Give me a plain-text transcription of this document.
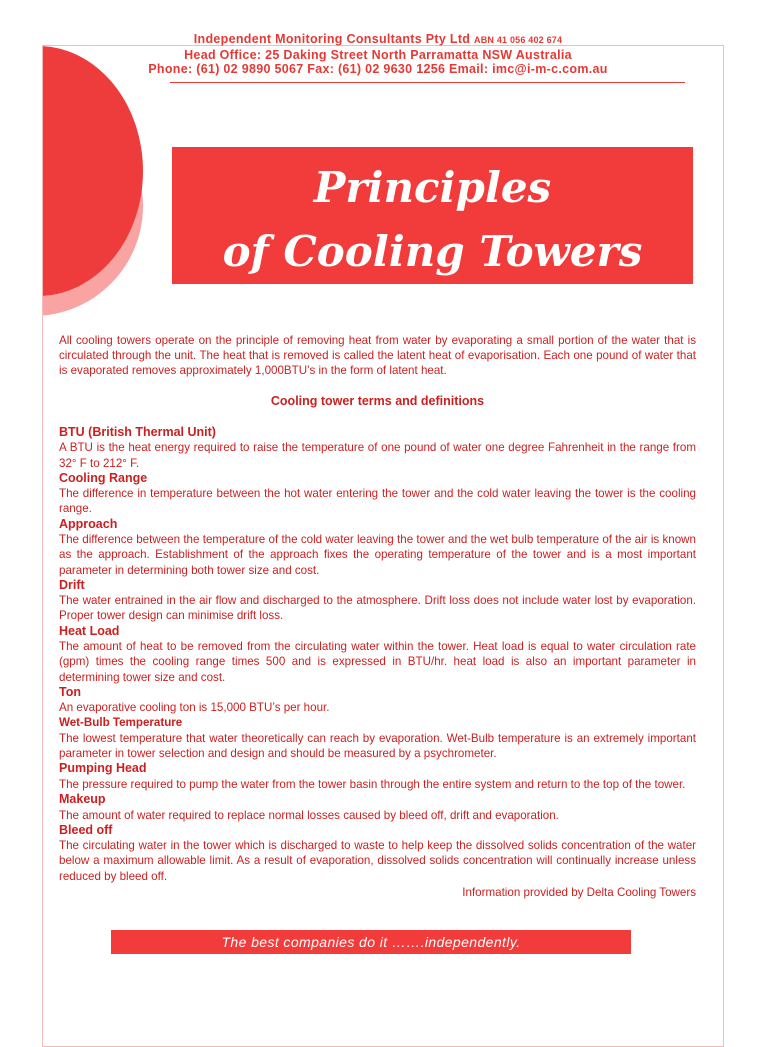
Independent Monitoring Consultants Pty Ltd ABN 41 056 402 674
Head Office: 25 Daking Street North Parramatta NSW Australia
Phone: (61) 02 9890 5067 Fax: (61) 02 9630 1256 Email: imc@i-m-c.com.au
Principles
of Cooling Towers

All cooling towers operate on the principle of removing heat from water by evaporating a small portion of the water that is circulated through the unit. The heat that is removed is called the latent heat of evaporisation. Each one pound of water that is evaporated removes approximately 1,000BTU’s in the form of latent heat.

Cooling tower terms and definitions
BTU (British Thermal Unit)

A BTU is the heat energy required to raise the temperature of one pound of water one degree Fahrenheit in the range from 32° F to 212° F.

Cooling Range

The difference in temperature between the hot water entering the tower and the cold water leaving the tower is the cooling range.

Approach

The difference between the temperature of the cold water leaving the tower and the wet bulb temperature of the air is known as the approach. Establishment of the approach fixes the operating temperature of the tower and is a most important parameter in determining both tower size and cost.

Drift

The water entrained in the air flow and discharged to the atmosphere. Drift loss does not include water lost by evaporation. Proper tower design can minimise drift loss.

Heat Load

The amount of heat to be removed from the circulating water within the tower. Heat load is equal to water circulation rate (gpm) times the cooling range times 500 and is expressed in BTU/hr. heat load is also an important parameter in determining tower size and cost.

Ton

An evaporative cooling ton is 15,000 BTU’s per hour.

Wet-Bulb Temperature

The lowest temperature that water theoretically can reach by evaporation. Wet-Bulb temperature is an extremely important parameter in tower selection and design and should be measured by a psychrometer.

Pumping Head

The pressure required to pump the water from the tower basin through the entire system and return to the top of the tower.

Makeup

The amount of water required to replace normal losses caused by bleed off, drift and evaporation.

Bleed off

The circulating water in the tower which is discharged to waste to help keep the dissolved solids concentration of the water below a maximum allowable limit. As a result of evaporation, dissolved solids concentration will continually increase unless reduced by bleed off.

Information provided by Delta Cooling Towers
The best companies do it …….independently.
